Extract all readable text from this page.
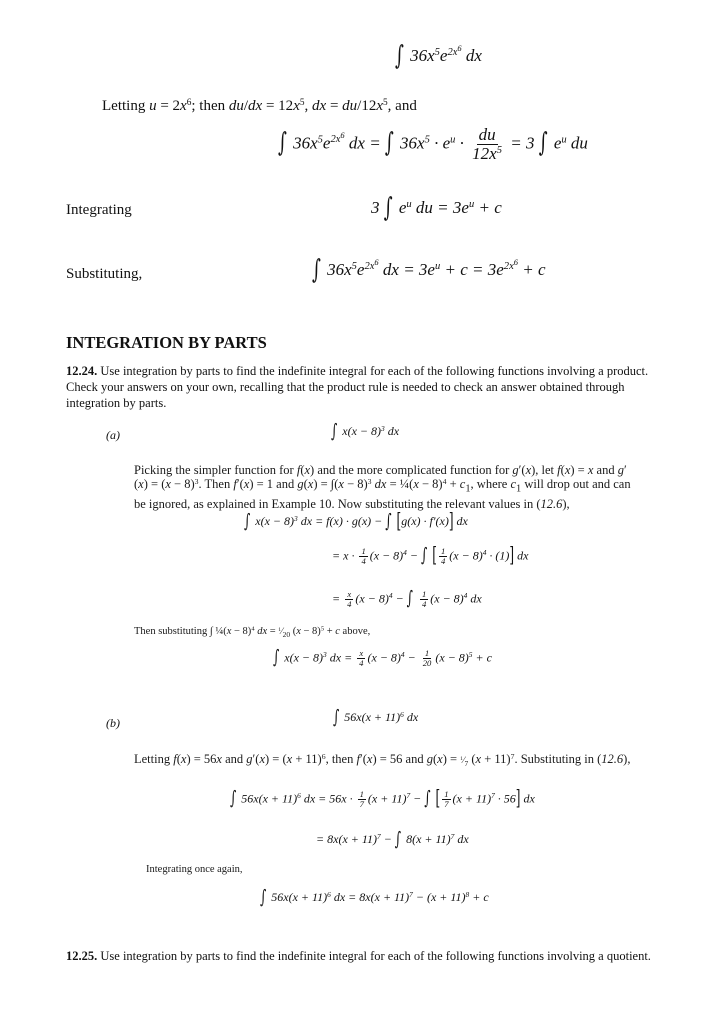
∫ $36x^5e^{2x^6}$ dx
Letting $u = 2x^6$; then $du/dx = 12x^5$, dx = $du/12x^5$, and
∫ $36x^5e^{2x^6}$ dx = ∫ $36x^5 \cdot e^u \cdot \frac{du}{12x^5} = 3$ ∫ $e^u$ du
Integrating	3 ∫ $e^u$ du = $3e^u + c$
Substituting,	∫ $36x^5e^{2x^6}$ dx = $3e^u + c = 3e^{2x^6} + c$
INTEGRATION BY PARTS
12.24. Use integration by parts to find the indefinite integral for each of the following functions involving a product. Check your answers on your own, recalling that the product rule is needed to check an answer obtained through integration by parts.
(a)	∫ $x(x - 8)^3$ dx
Picking the simpler function for f(x) and the more complicated function for g′(x), let f(x) = x and $g'(x) = (x - 8)^3$. Then f′(x) = 1 and $g(x) = \int(x - 8)^3$ dx = ¼(x − $8)^4 + c_1$, where $c_1$ will drop out and can be ignored, as explained in Example 10. Now substituting the relevant values in (12.6),
∫ $x(x - 8)^3$ dx = f(x) · g(x) − ∫ [g(x) · f′(x)] dx
= $x \cdot \frac{1}{4} (x - 8)^4$ − ∫ [ $\frac{1}{4} (x - 8)^4 \cdot (1)$] dx
= $\frac{x}{4} (x - 8)^4$ − ∫ $\frac{1}{4} (x - 8)^4$ dx
Then substituting ∫ ¼(x − 8)$^4$ dx = $^1⁄_{20}$ $(x - 8)^5 + c$ above,
∫ $x(x - 8)^3$ dx = $\frac{x}{4} (x - 8)^4 - \frac{1}{20} (x - 8)^5 + c$
(b)	∫ $56x(x + 11)^6$ dx
Letting f(x) = 56x and $g'(x) = (x + 11)^6$, then f′(x) = 56 and $g(x) = ^1⁄_7$ $(x + 11)^7$. Substituting in (12.6),
∫ $56x(x + 11)^6$ dx = $56x \cdot \frac{1}{7} (x + 11)^7$ − ∫ [ $\frac{1}{7} (x + 11)^7 \cdot 56$] dx
= $8x(x + 11)^7$ − ∫ $8(x + 11)^7$ dx
Integrating once again,
∫ $56x(x + 11)^6$ dx = $8x(x + 11)^7 - (x + 11)^8 + c$
12.25. Use integration by parts to find the indefinite integral for each of the following functions involving a quotient.
